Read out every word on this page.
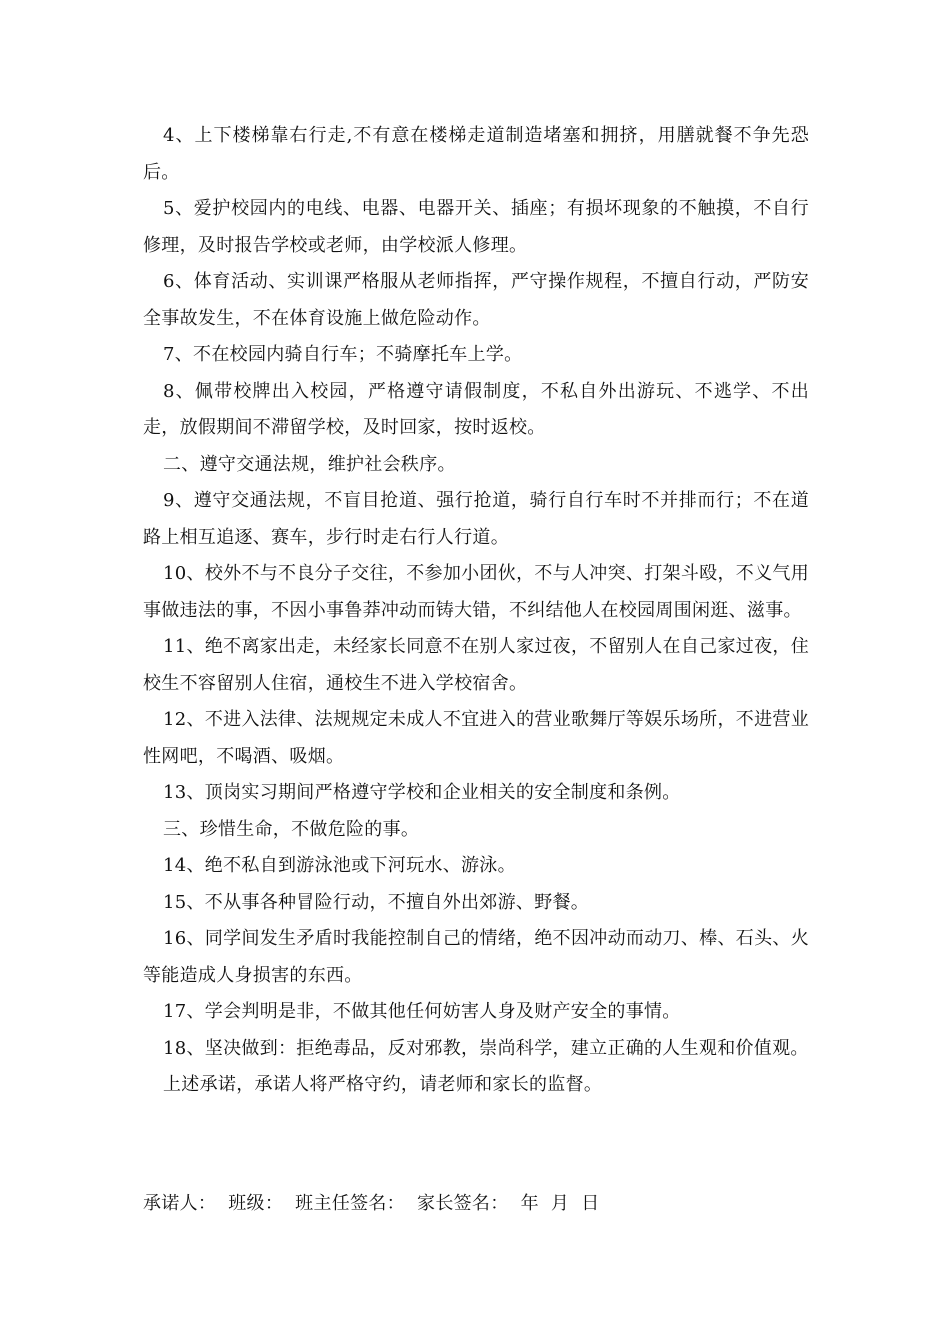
4、上下楼梯靠右行走,不有意在楼梯走道制造堵塞和拥挤，用膳就餐不争先恐后。

5、爱护校园内的电线、电器、电器开关、插座；有损坏现象的不触摸，不自行修理，及时报告学校或老师，由学校派人修理。

6、体育活动、实训课严格服从老师指挥，严守操作规程，不擅自行动，严防安全事故发生，不在体育设施上做危险动作。

7、不在校园内骑自行车；不骑摩托车上学。

8、佩带校牌出入校园，严格遵守请假制度，不私自外出游玩、不逃学、不出走，放假期间不滞留学校，及时回家，按时返校。

二、遵守交通法规，维护社会秩序。

9、遵守交通法规，不盲目抢道、强行抢道，骑行自行车时不并排而行；不在道路上相互追逐、赛车，步行时走右行人行道。

10、校外不与不良分子交往，不参加小团伙，不与人冲突、打架斗殴，不义气用事做违法的事，不因小事鲁莽冲动而铸大错，不纠结他人在校园周围闲逛、滋事。

11、绝不离家出走，未经家长同意不在别人家过夜，不留别人在自己家过夜，住校生不容留别人住宿，通校生不进入学校宿舍。

12、不进入法律、法规规定未成人不宜进入的营业歌舞厅等娱乐场所，不进营业性网吧，不喝酒、吸烟。

13、顶岗实习期间严格遵守学校和企业相关的安全制度和条例。

三、珍惜生命，不做危险的事。

14、绝不私自到游泳池或下河玩水、游泳。

15、不从事各种冒险行动，不擅自外出郊游、野餐。

16、同学间发生矛盾时我能控制自己的情绪，绝不因冲动而动刀、棒、石头、火等能造成人身损害的东西。

17、学会判明是非，不做其他任何妨害人身及财产安全的事情。

18、坚决做到：拒绝毒品，反对邪教，崇尚科学，建立正确的人生观和价值观。

上述承诺，承诺人将严格守约，请老师和家长的监督。

承诺人：  班级：  班主任签名：  家长签名：  年  月  日
